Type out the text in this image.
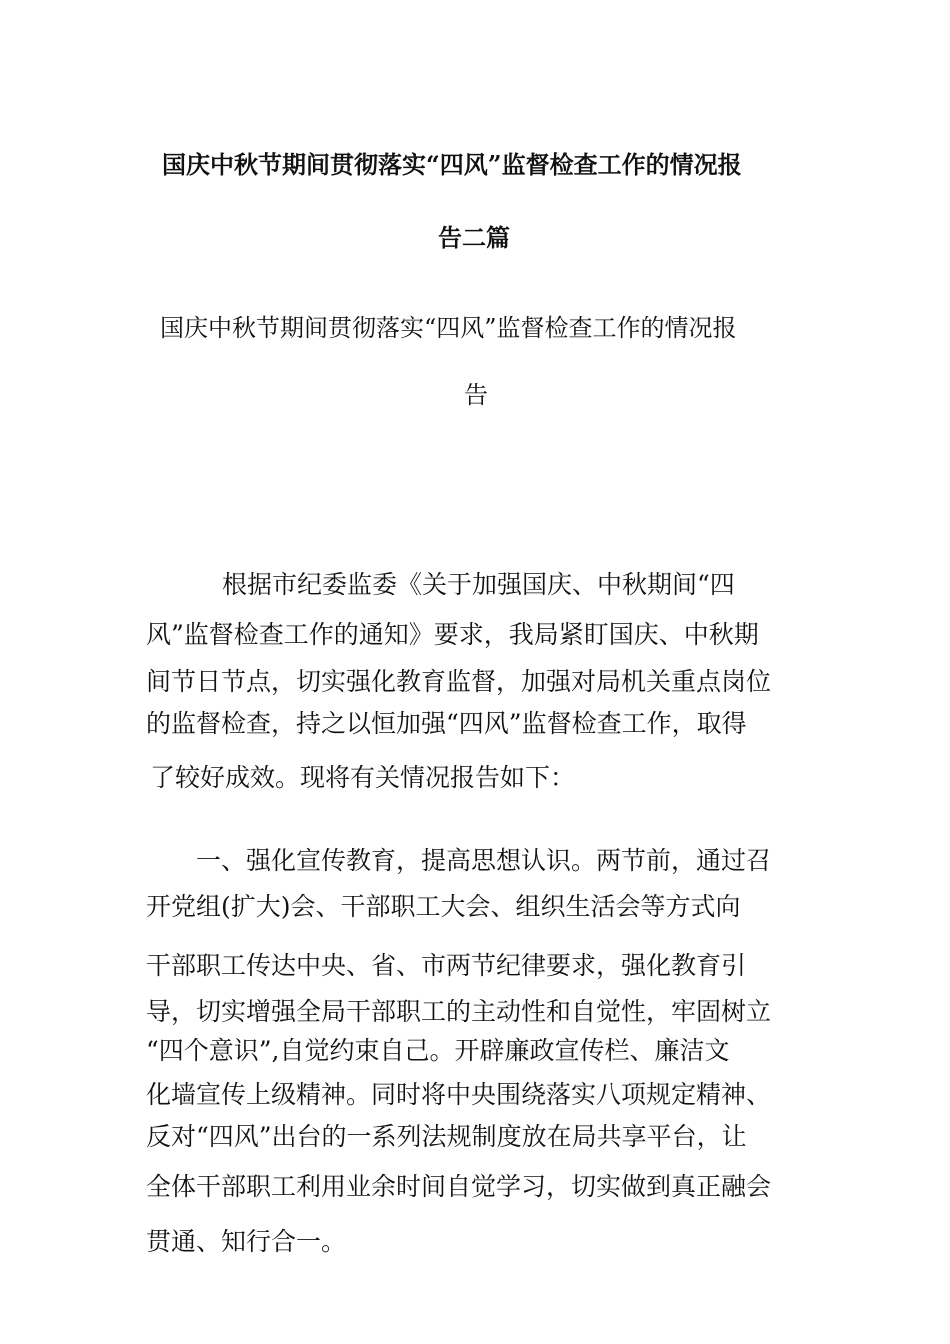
国庆中秋节期间贯彻落实“四风”监督检查工作的情况报
告二篇
国庆中秋节期间贯彻落实“四风”监督检查工作的情况报
告
根据市纪委监委《关于加强国庆、中秋期间“四
风”监督检查工作的通知》要求，我局紧盯国庆、中秋期
间节日节点，切实强化教育监督，加强对局机关重点岗位
的监督检查，持之以恒加强“四风”监督检查工作，取得
了较好成效。现将有关情况报告如下：
一、强化宣传教育，提高思想认识。两节前，通过召
开党组(扩大)会、干部职工大会、组织生活会等方式向
干部职工传达中央、省、市两节纪律要求，强化教育引
导，切实增强全局干部职工的主动性和自觉性，牢固树立
“四个意识”,自觉约束自己。开辟廉政宣传栏、廉洁文
化墙宣传上级精神。同时将中央围绕落实八项规定精神、
反对“四风”出台的一系列法规制度放在局共享平台，让
全体干部职工利用业余时间自觉学习，切实做到真正融会
贯通、知行合一。
